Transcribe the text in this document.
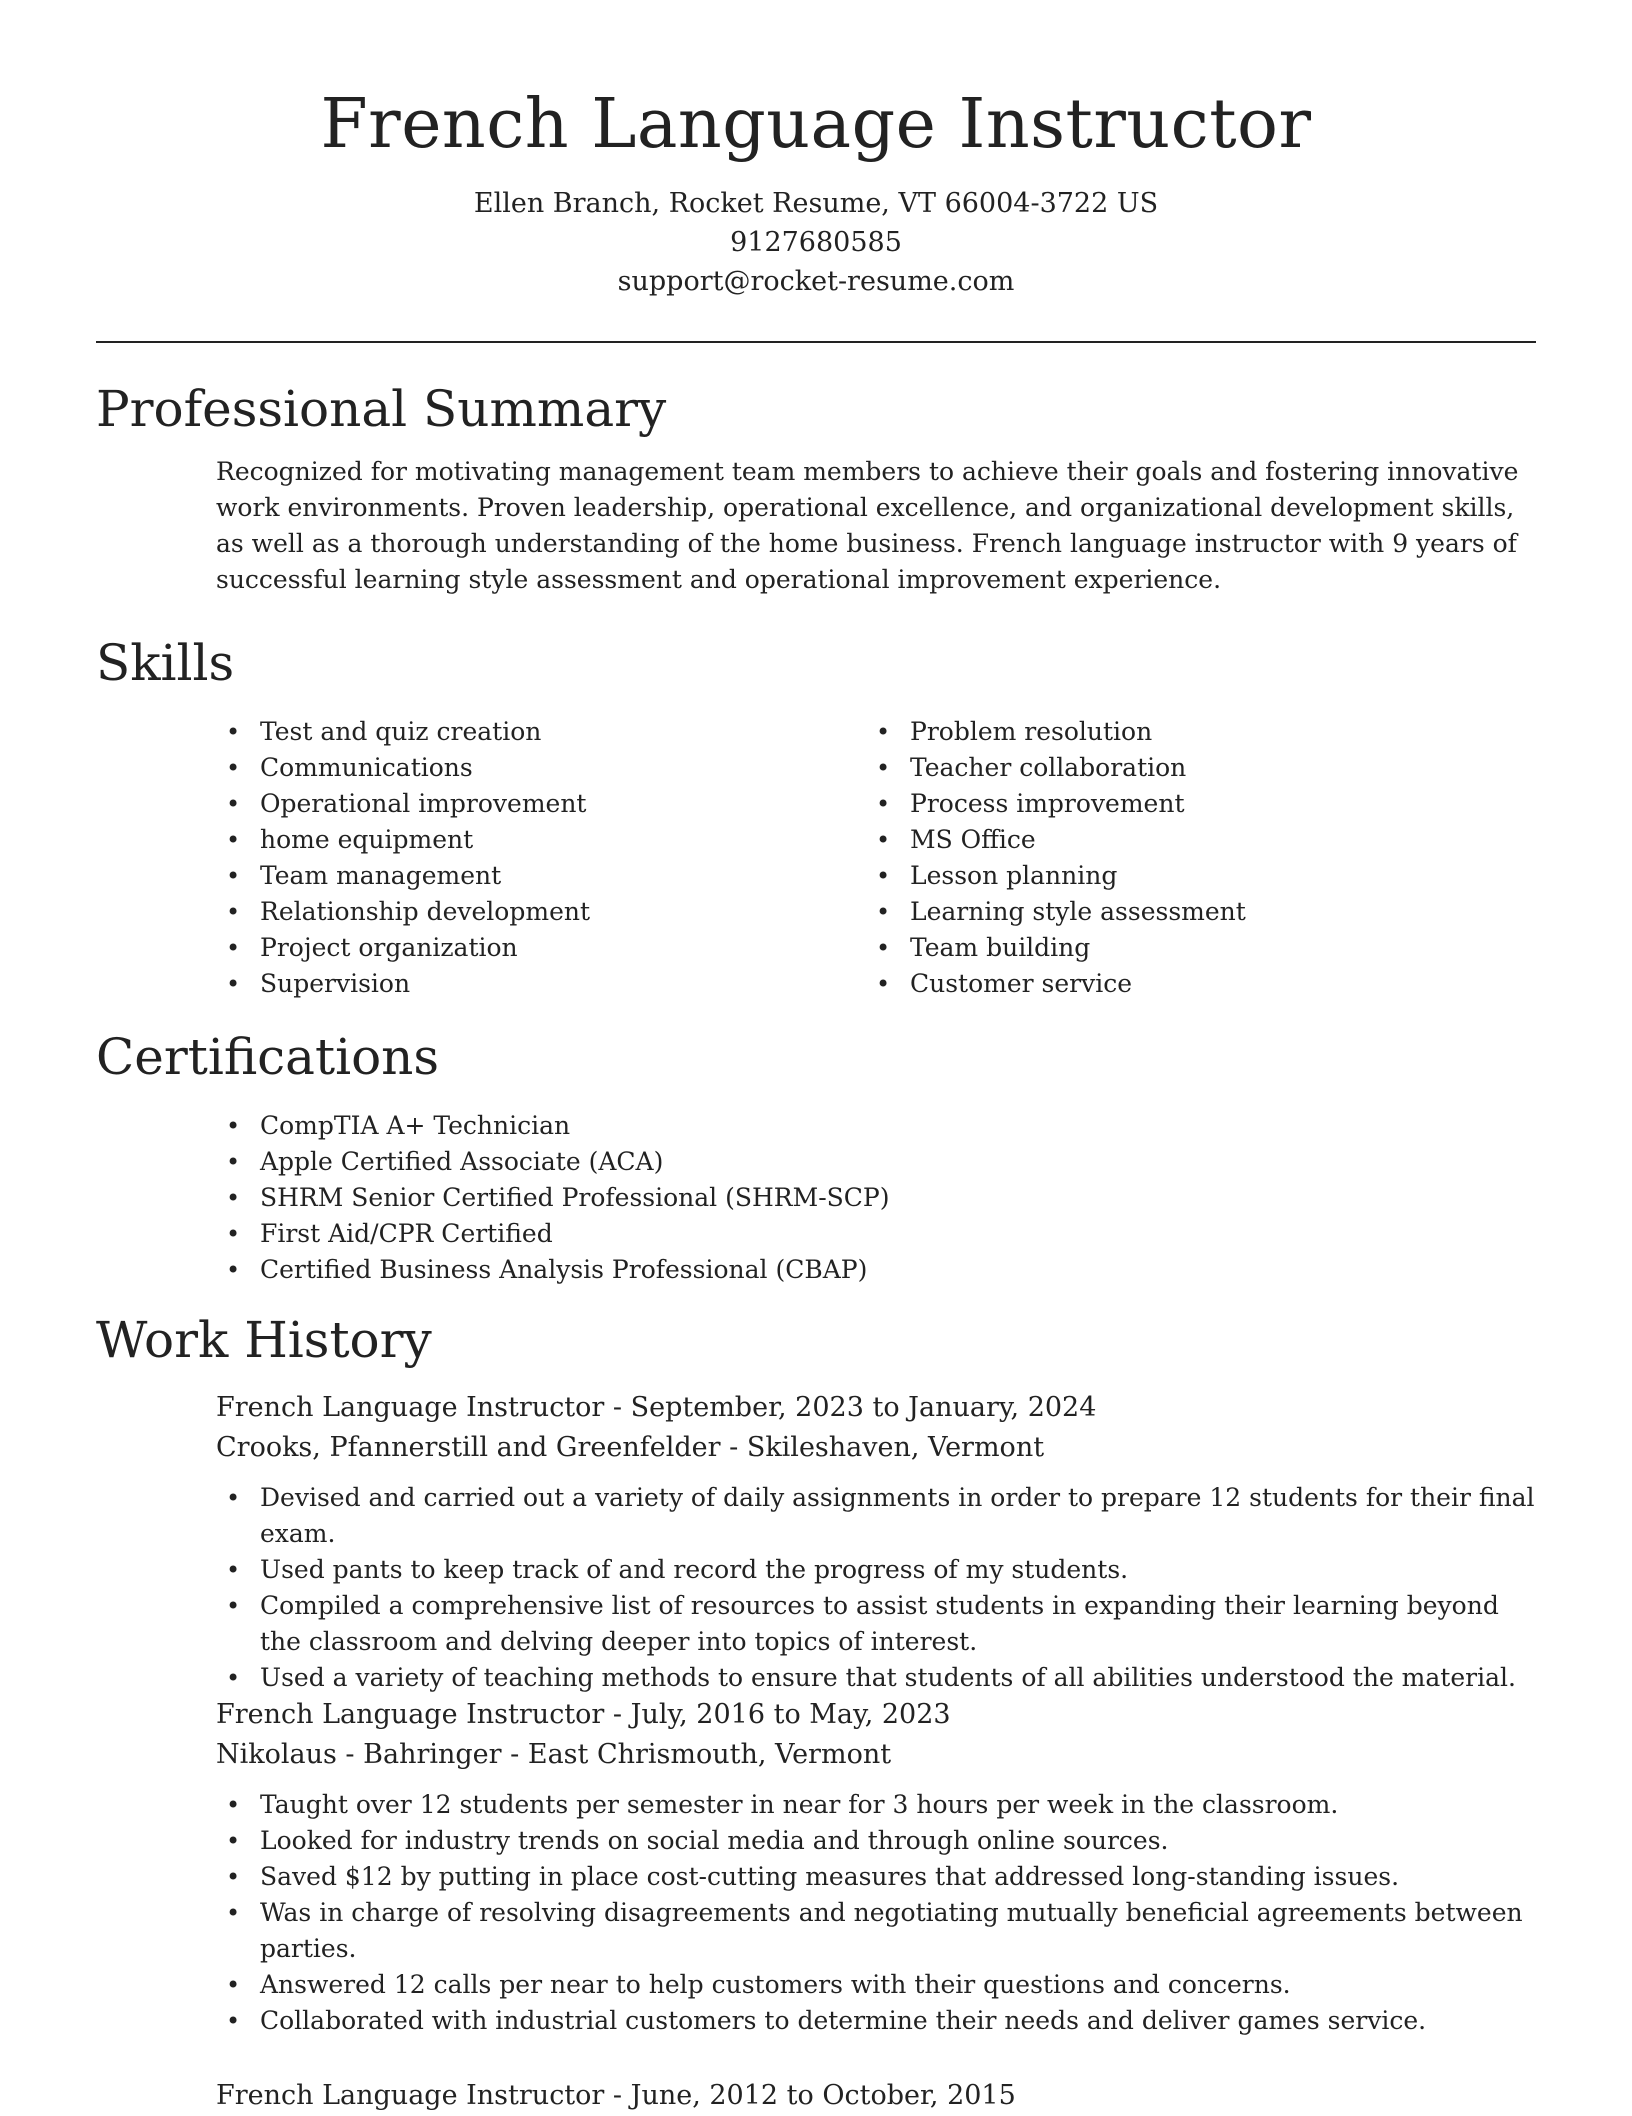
French Language Instructor
Ellen Branch, Rocket Resume, VT 66004-3722 US
9127680585
support@rocket-resume.com
Professional Summary
Recognized for motivating management team members to achieve their goals and fostering innovative work environments. Proven leadership, operational excellence, and organizational development skills, as well as a thorough understanding of the home business. French language instructor with 9 years of successful learning style assessment and operational improvement experience.
Skills
• Test and quiz creation
• Communications
• Operational improvement
• home equipment
• Team management
• Relationship development
• Project organization
• Supervision
• Problem resolution
• Teacher collaboration
• Process improvement
• MS Office
• Lesson planning
• Learning style assessment
• Team building
• Customer service
Certifications
• CompTIA A+ Technician
• Apple Certified Associate (ACA)
• SHRM Senior Certified Professional (SHRM-SCP)
• First Aid/CPR Certified
• Certified Business Analysis Professional (CBAP)
Work History
French Language Instructor - September, 2023 to January, 2024
Crooks, Pfannerstill and Greenfelder - Skileshaven, Vermont
• Devised and carried out a variety of daily assignments in order to prepare 12 students for their final exam.
• Used pants to keep track of and record the progress of my students.
• Compiled a comprehensive list of resources to assist students in expanding their learning beyond the classroom and delving deeper into topics of interest.
• Used a variety of teaching methods to ensure that students of all abilities understood the material.
French Language Instructor - July, 2016 to May, 2023
Nikolaus - Bahringer - East Chrismouth, Vermont
• Taught over 12 students per semester in near for 3 hours per week in the classroom.
• Looked for industry trends on social media and through online sources.
• Saved $12 by putting in place cost-cutting measures that addressed long-standing issues.
• Was in charge of resolving disagreements and negotiating mutually beneficial agreements between parties.
• Answered 12 calls per near to help customers with their questions and concerns.
• Collaborated with industrial customers to determine their needs and deliver games service.
French Language Instructor - June, 2012 to October, 2015
